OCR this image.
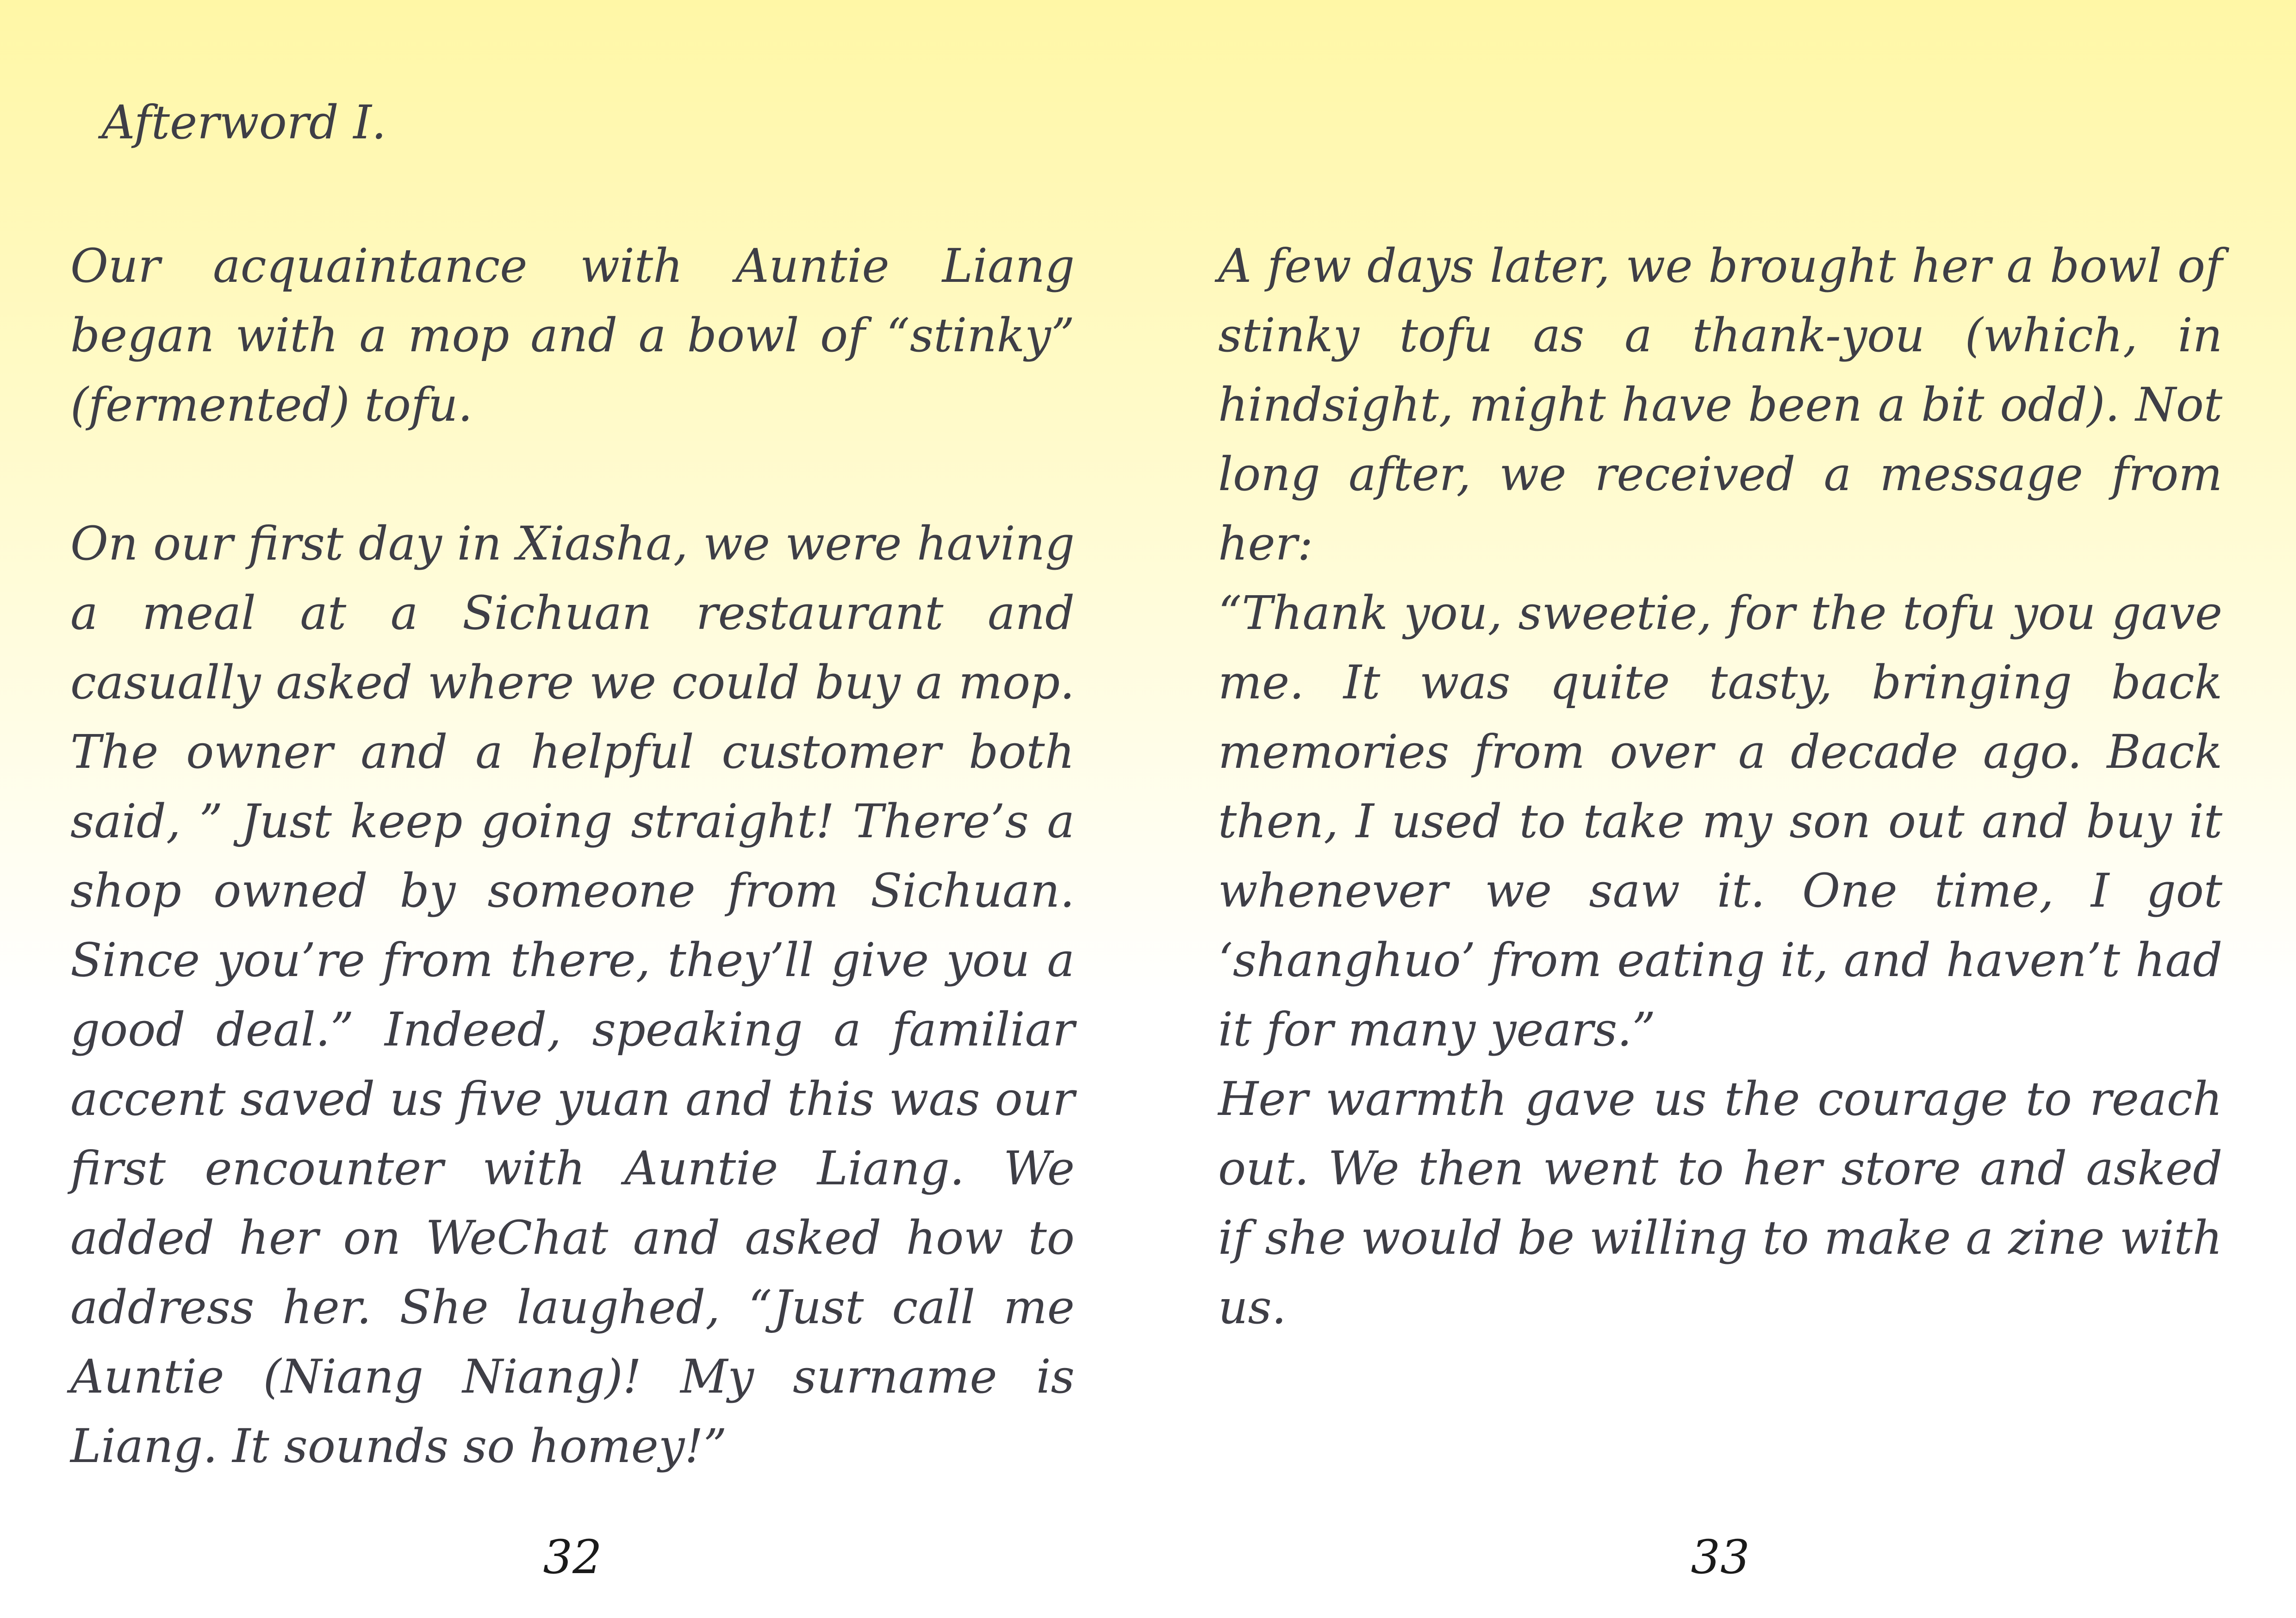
Afterword I.

Our acquaintance with Auntie Liang began with a mop and a bowl of “stinky” (fermented) tofu.

On our first day in Xiasha, we were having a meal at a Sichuan restaurant and casually asked where we could buy a mop. The owner and a helpful customer both said, ” Just keep going straight! There’s a shop owned by someone from Sichuan. Since you’re from there, they’ll give you a good deal.” Indeed, speaking a familiar accent saved us five yuan and this was our first encounter with Auntie Liang. We added her on WeChat and asked how to address her. She laughed, “Just call me Auntie (Niang Niang)! My surname is Liang. It sounds so homey!”

32

A few days later, we brought her a bowl of stinky tofu as a thank-you (which, in hindsight, might have been a bit odd). Not long after, we received a message from her:

“Thank you, sweetie, for the tofu you gave me. It was quite tasty, bringing back memories from over a decade ago. Back then, I used to take my son out and buy it whenever we saw it. One time, I got ‘shanghuo’ from eating it, and haven’t had it for many years.”

Her warmth gave us the courage to reach out. We then went to her store and asked if she would be willing to make a zine with us.

33
